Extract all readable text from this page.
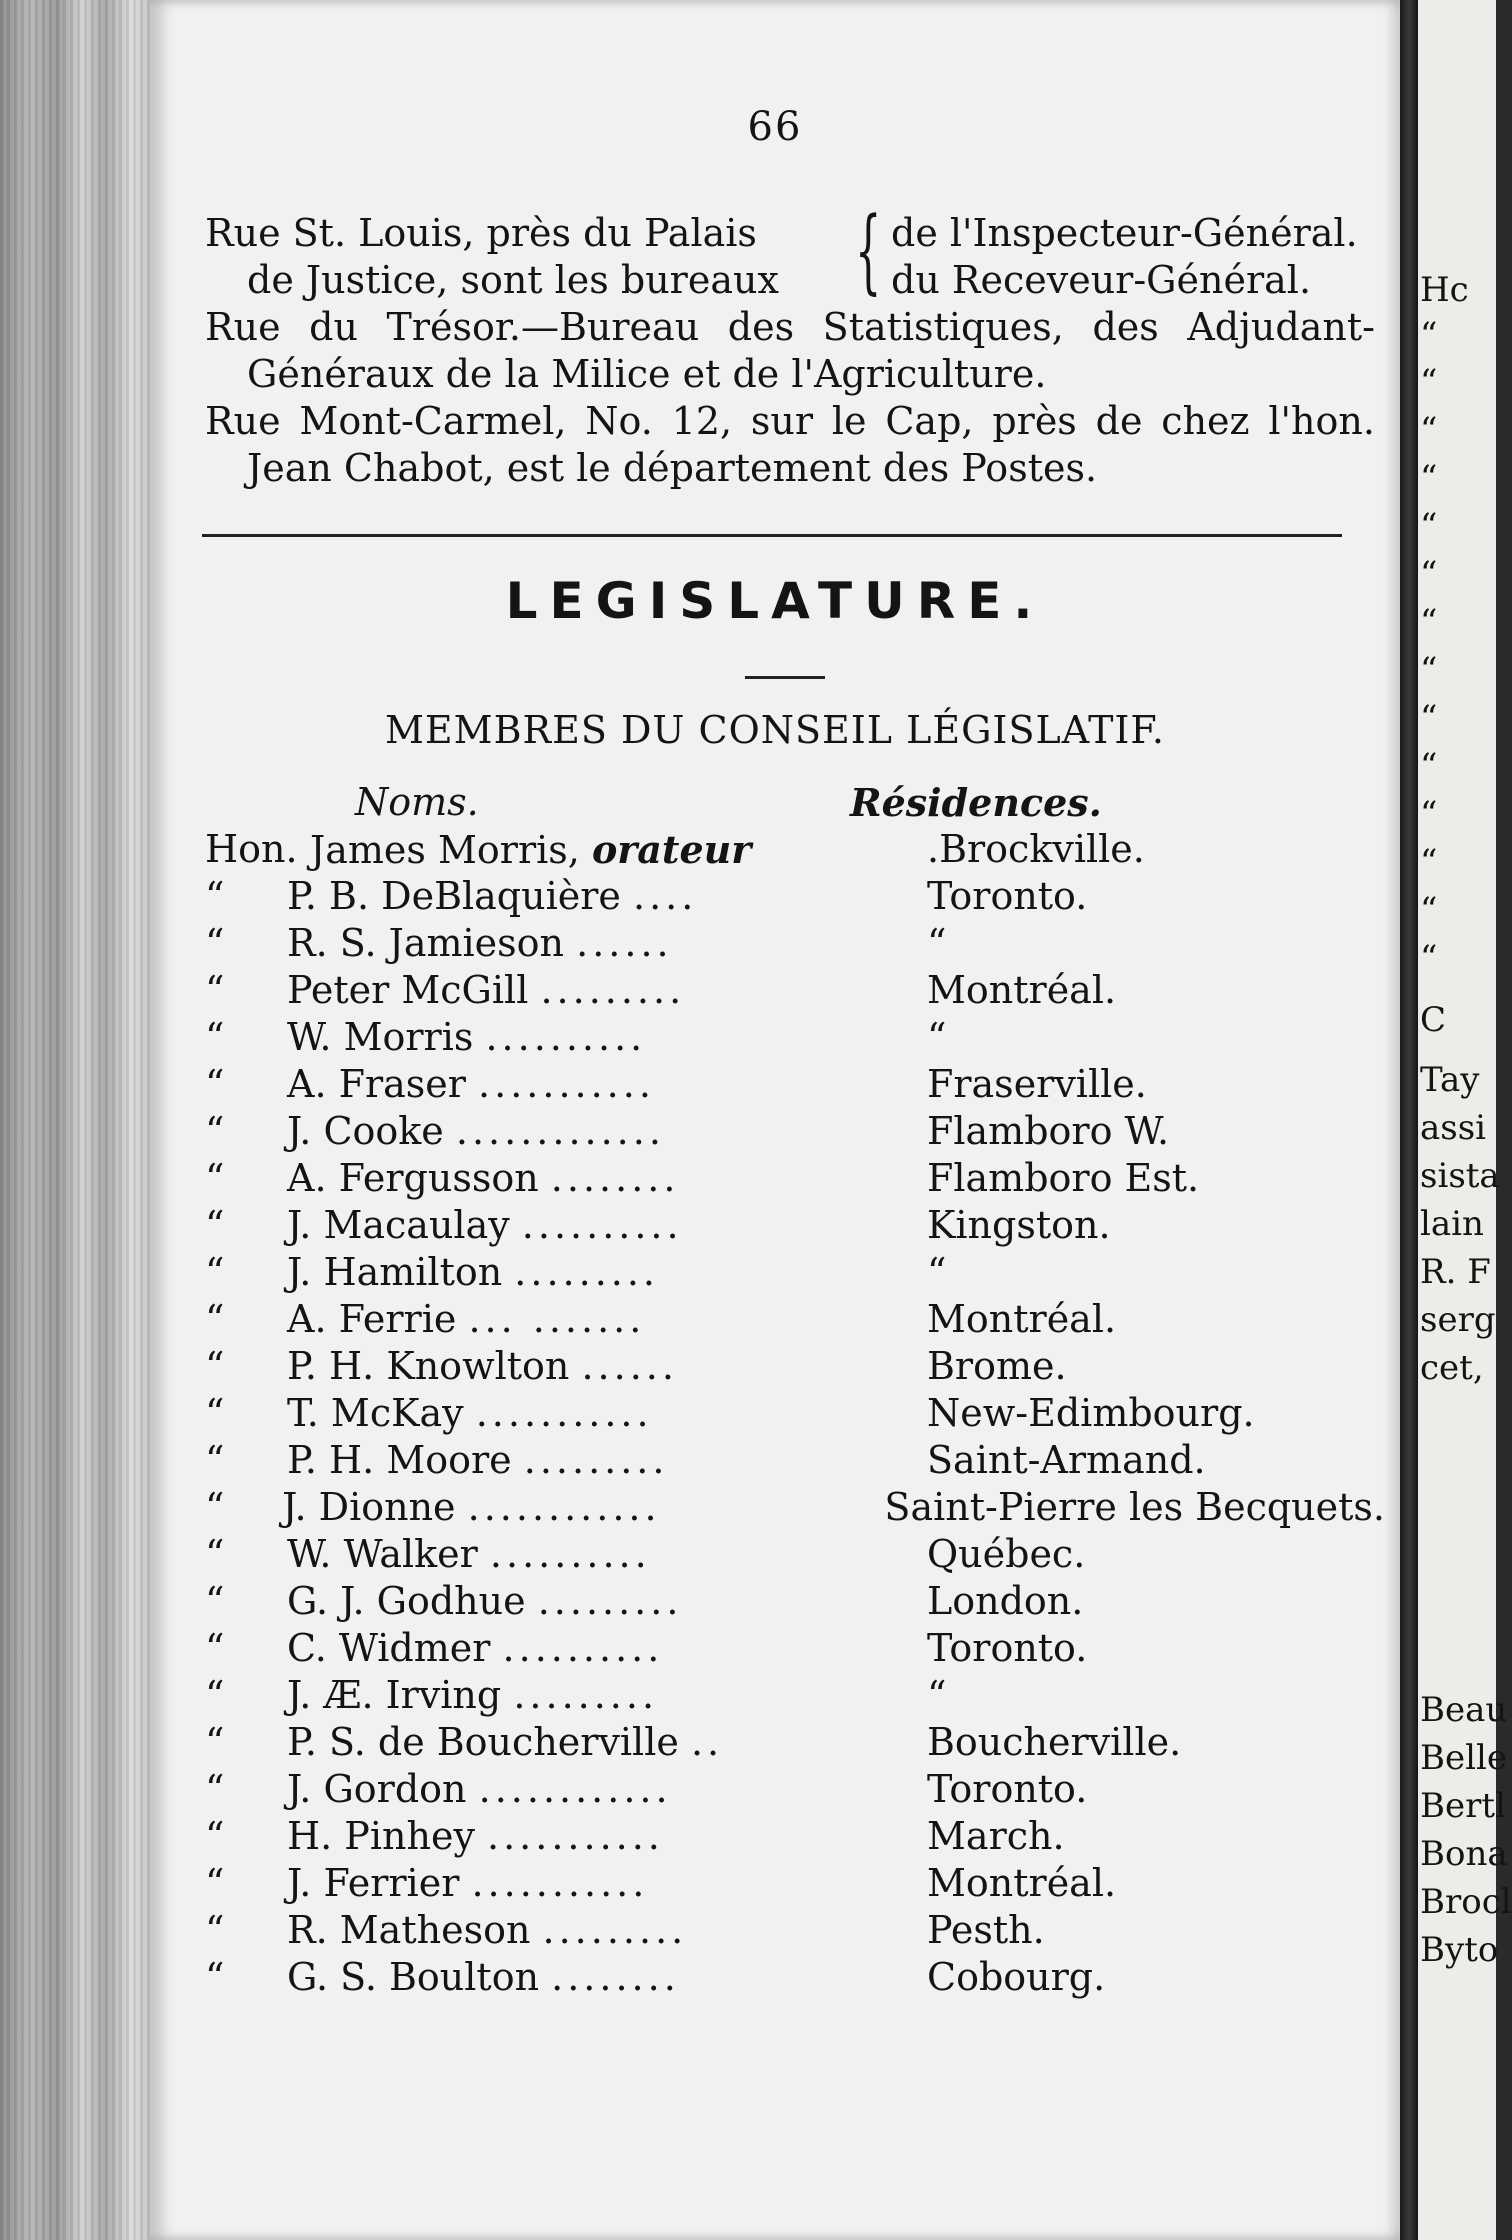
66
Rue St. Louis, près du Palais
de Justice, sont les bureaux { de l'Inspecteur-Général.
du Receveur-Général.
Rue du Trésor.—Bureau des Statistiques, des Adjudant-
Généraux de la Milice et de l'Agriculture.
Rue Mont-Carmel, No. 12, sur le Cap, près de chez l'hon.
Jean Chabot, est le département des Postes.
LEGISLATURE.
MEMBRES DU CONSEIL LÉGISLATIF.
Noms.	Résidences.
Hon. James Morris, orateur	.Brockville.
“	P. B. DeBlaquière ....	Toronto.
“	R. S. Jamieson ......	“
“	Peter McGill .........	Montréal.
“	W. Morris ..........	“
“	A. Fraser ...........	Fraserville.
“	J. Cooke .............	Flamboro W.
“	A. Fergusson ........	Flamboro Est.
“	J. Macaulay ..........	Kingston.
“	J. Hamilton .........	“
“	A. Ferrie ... .......	Montréal.
“	P. H. Knowlton ......	Brome.
“	T. McKay ...........	New-Edimbourg.
“	P. H. Moore .........	Saint-Armand.
“	J. Dionne ............	Saint-Pierre les Becquets.
“	W. Walker ..........	Québec.
“	G. J. Godhue .........	London.
“	C. Widmer ..........	Toronto.
“	J. Æ. Irving .........	“
“	P. S. de Boucherville ..	Boucherville.
“	J. Gordon ............	Toronto.
“	H. Pinhey ...........	March.
“	J. Ferrier ...........	Montréal.
“	R. Matheson .........	Pesth.
“	G. S. Boulton ........	Cobourg.
Hc
“
“
“
“
“
“
“
“
“
“
“
“
“
“
C
Tay
assi
sista
lain
R. F
serg
cet,
Beau
Belle
Bertl
Bona
Brocl
Byto
